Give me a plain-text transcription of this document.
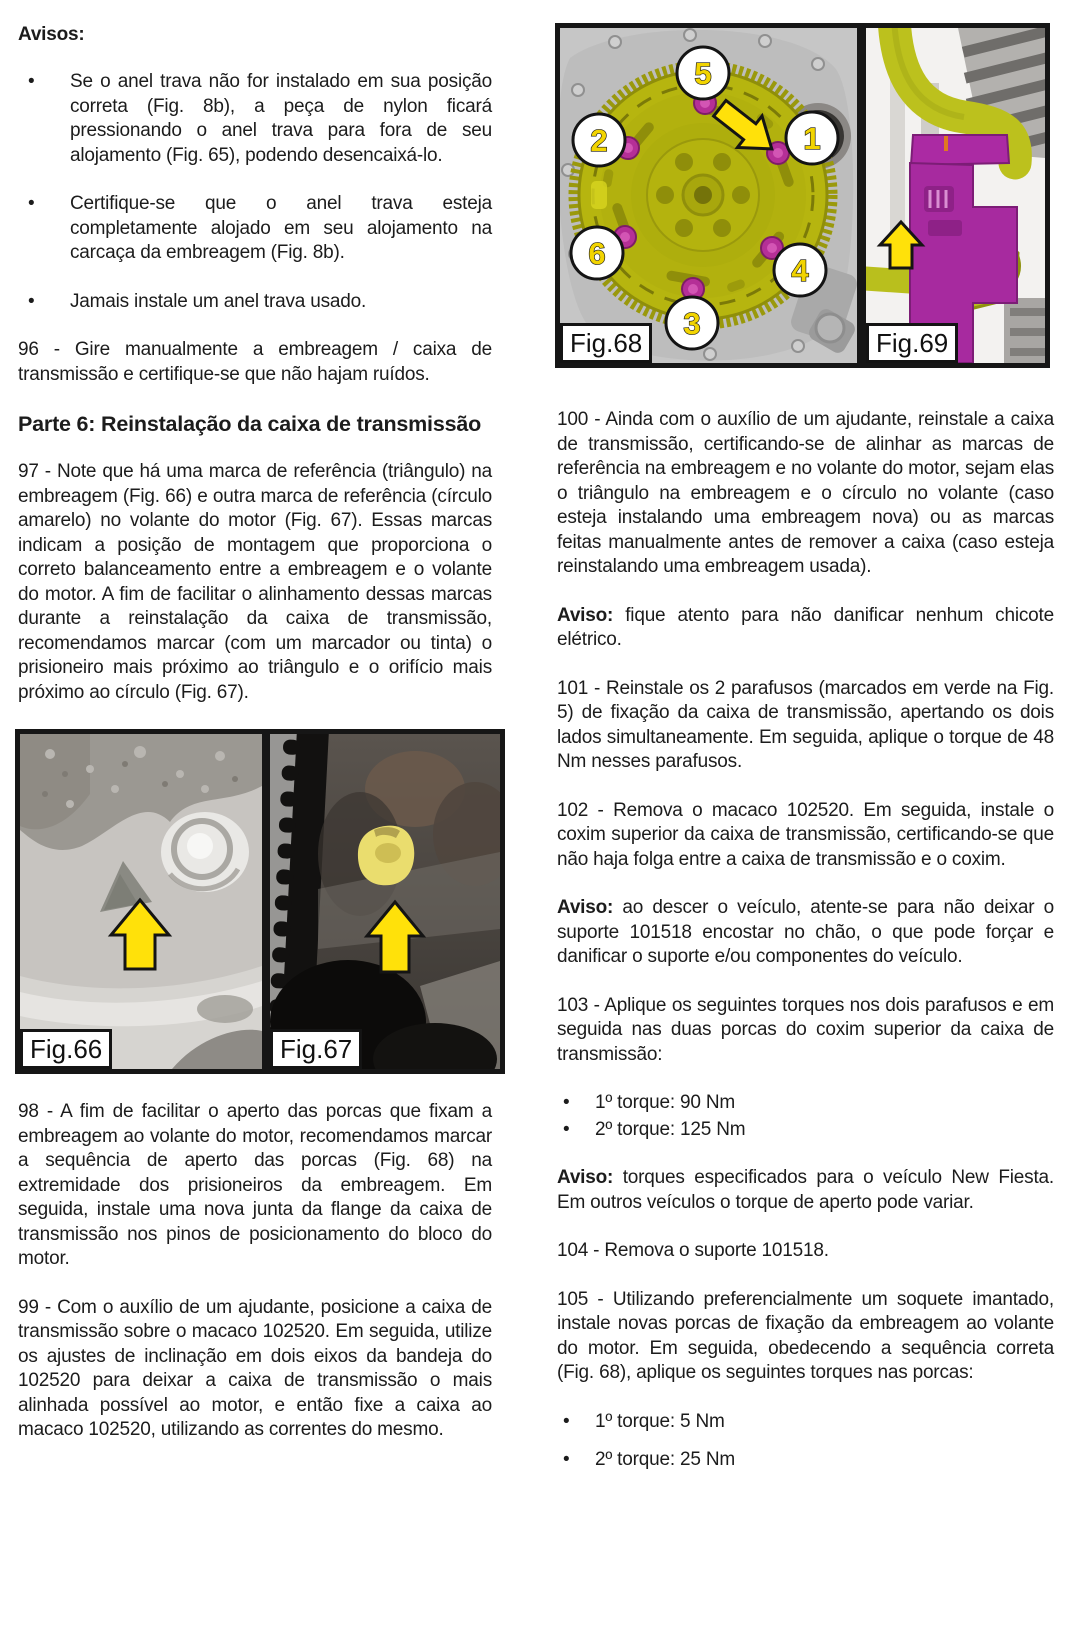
Avisos:

•	Se o anel trava não for instalado em sua posição correta (Fig. 8b), a peça de nylon ficará pressionando o anel trava para fora de seu alojamento (Fig. 65), podendo desencaixá-lo.

•	Certifique-se que o anel trava esteja completamente alojado em seu alojamento na carcaça da embreagem (Fig. 8b).

•	Jamais instale um anel trava usado.

96 - Gire manualmente a embreagem / caixa de transmissão e certifique-se que não hajam ruídos.

Parte 6: Reinstalação da caixa de transmissão

97 - Note que há uma marca de referência (triângulo) na embreagem (Fig. 66) e outra marca de referência (círculo amarelo) no volante do motor (Fig. 67). Essas marcas indicam a posição de montagem que proporciona o correto balanceamento entre a embreagem e o volante do motor. A fim de facilitar o alinhamento dessas marcas durante a reinstalação da caixa de transmissão, recomendamos marcar (com um marcador ou tinta) o prisioneiro mais próximo ao triângulo e o orifício mais próximo ao círculo (Fig. 67).

Fig.66	Fig.67

98 - A fim de facilitar o aperto das porcas que fixam a embreagem ao volante do motor, recomendamos marcar a sequência de aperto das porcas (Fig. 68) na extremidade dos prisioneiros da embreagem. Em seguida, instale uma nova junta da flange da caixa de transmissão nos pinos de posicionamento do bloco do motor.

99 - Com o auxílio de um ajudante, posicione a caixa de transmissão sobre o macaco 102520. Em seguida, utilize os ajustes de inclinação em dois eixos da bandeja do 102520 para deixar a caixa de transmissão o mais alinhada possível ao motor, e então fixe a caixa ao macaco 102520, utilizando as correntes do mesmo.

5
2	1
6	4
3
Fig.68	Fig.69

100 - Ainda com o auxílio de um ajudante, reinstale a caixa de transmissão, certificando-se de alinhar as marcas de referência na embreagem e no volante do motor, sejam elas o triângulo na embreagem e o círculo no volante (caso esteja instalando uma embreagem nova) ou as marcas feitas manualmente antes de remover a caixa (caso esteja reinstalando uma embreagem usada).

Aviso: fique atento para não danificar nenhum chicote elétrico.

101 - Reinstale os 2 parafusos (marcados em verde na Fig. 5) de fixação da caixa de transmissão, apertando os dois lados simultaneamente. Em seguida, aplique o torque de 48 Nm nesses parafusos.

102 - Remova o macaco 102520. Em seguida, instale o coxim superior da caixa de transmissão, certificando-se que não haja folga entre a caixa de transmissão e o coxim.

Aviso: ao descer o veículo, atente-se para não deixar o suporte 101518 encostar no chão, o que pode forçar e danificar o suporte e/ou componentes do veículo.

103 - Aplique os seguintes torques nos dois parafusos e em seguida nas duas porcas do coxim superior da caixa de transmissão:

•	1º torque: 90 Nm

•	2º torque: 125 Nm

Aviso: torques especificados para o veículo New Fiesta. Em outros veículos o torque de aperto pode variar.

104 - Remova o suporte 101518.

105 - Utilizando preferencialmente um soquete imantado, instale novas porcas de fixação da embreagem ao volante do motor. Em seguida, obedecendo a sequência correta (Fig. 68), aplique os seguintes torques nas porcas:

•	1º torque: 5 Nm

•	2º torque: 25 Nm
